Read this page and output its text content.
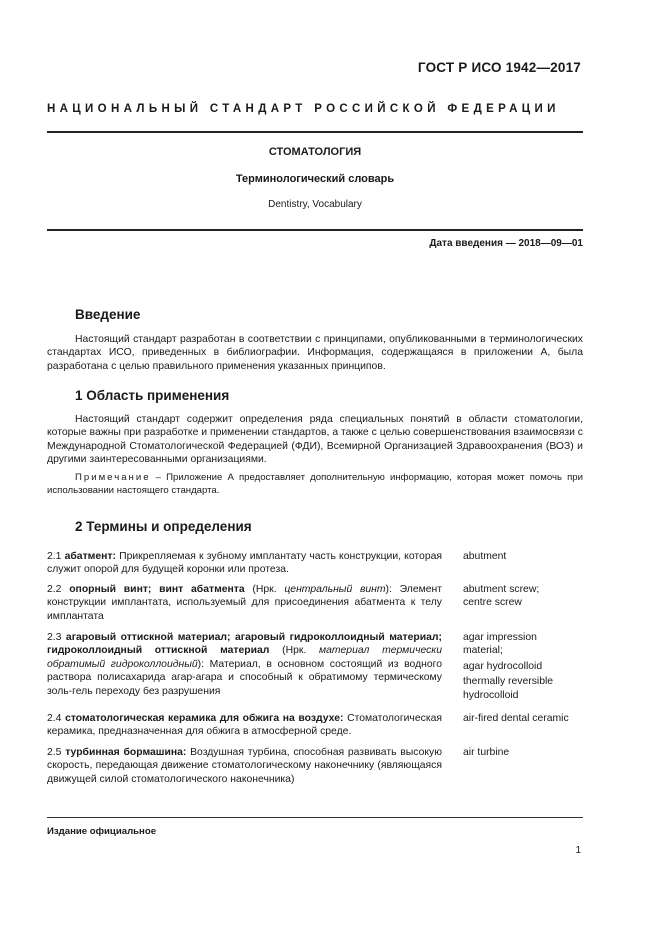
ГОСТ Р ИСО 1942—2017
НАЦИОНАЛЬНЫЙ СТАНДАРТ РОССИЙСКОЙ ФЕДЕРАЦИИ
СТОМАТОЛОГИЯ
Терминологический словарь
Dentistry, Vocabulary
Дата введения — 2018—09—01
Введение
Настоящий стандарт разработан в соответствии с принципами, опубликованными в терминологических стандартах ИСО, приведенных в библиографии. Информация, содержащаяся в приложении А, была разработана с целью правильного применения указанных принципов.
1 Область применения
Настоящий стандарт содержит определения ряда специальных понятий в области стоматологии, которые важны при разработке и применении стандартов, а также с целью совершенствования взаимосвязи с Международной Стоматологической Федерацией (ФДИ), Всемирной Организацией Здравоохранения (ВОЗ) и другими заинтересованными организациями.
Примечание – Приложение А предоставляет дополнительную информацию, которая может помочь при использовании настоящего стандарта.
2 Термины и определения
2.1 абатмент: Прикрепляемая к зубному имплантату часть конструкции, которая служит опорой для будущей коронки или протеза.
abutment
2.2 опорный винт; винт абатмента (Нрк. центральный винт): Элемент конструкции имплантата, используемый для присоединения абатмента к телу имплантата
abutment screw;
centre screw
2.3 агаровый оттискной материал; агаровый гидроколлоидный материал; гидроколлоидный оттискной материал (Нрк. материал термически обратимый гидроколлоидный): Материал, в основном состоящий из водного раствора полисахарида агар-агара и способный к обратимому термическому золь-гель переходу без разрушения
agar impression material;
agar hydrocolloid
thermally reversible hydrocolloid
2.4 стоматологическая керамика для обжига на воздухе: Стоматологическая керамика, предназначенная для обжига в атмосферной среде.
air-fired dental ceramic
2.5 турбинная бормашина: Воздушная турбина, способная развивать высокую скорость, передающая движение стоматологическому наконечнику (являющаяся движущей силой стоматологического наконечника)
air turbine
Издание официальное
1
